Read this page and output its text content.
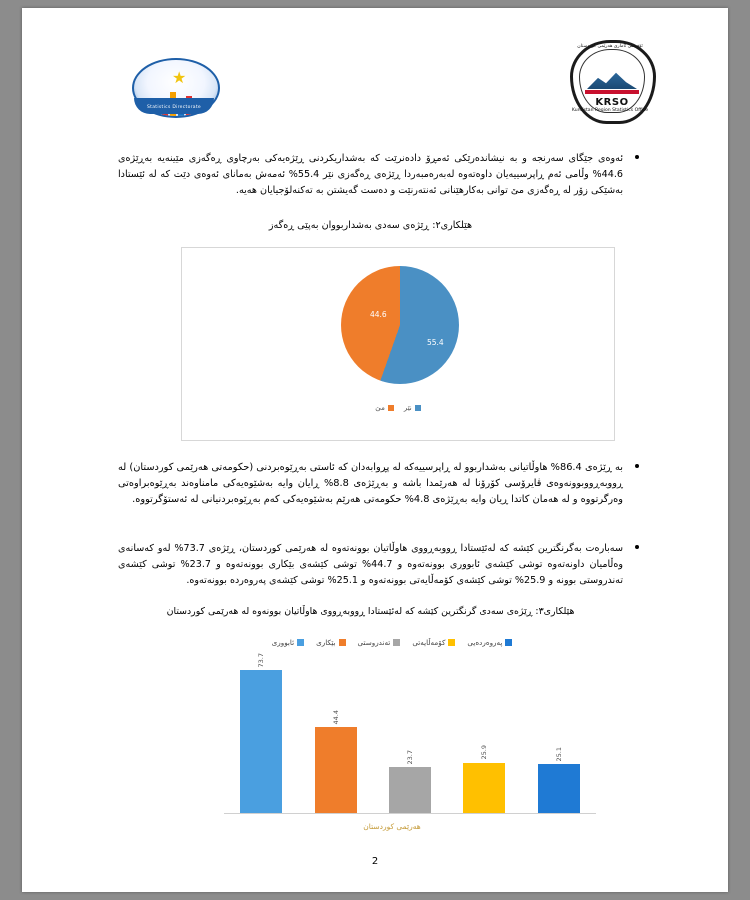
★
Statistics Directorate	KRSO
ئۆفیسی ئاماری هەرێمی کوردستان
Kurdistan Region Statistics Office
ئەوەی جێگای سەرنجە و بە نیشاندەرێکی ئەمڕۆ دادەنرێت کە بەشداریکردنی ڕێژەیەکی بەرچاوی ڕەگەزی مێینەیە بەڕێژەی 44.6% وڵامی ئەم ڕاپرسییەیان داوەتەوە لەبەرەمبەردا ڕێژەی ڕەگەزی نێر 55.4% ئەمەش بەمانای ئەوەی دێت کە لە ئێستادا بەشێکی زۆر لە ڕەگەزی مێ توانی بەکارهێنانی ئەنتەرنێت و دەست گەیشتن بە تەکنەلۆجیایان هەیە.
هێلکاری٢: ڕێژەی سەدی بەشداربووان بەپێی ڕەگەز
44.6
55.4
نێر
مێ
بە ڕێژەی 86.4% هاوڵاتیانی بەشداربوو لە ڕاپرسییەکە لە پڕوابەدان کە ئاستی بەڕێوەبردنی (حکومەتی هەرێمی کوردستان) لە ڕووبەڕووبوونەوەی ڤایرۆسی کۆرۆنا لە هەرێمدا باشە و بەڕێژەی 8.8% ڕایان وایە بەشێوەیەکی مامناوەند بەڕێوەبراوەتی وەرگرتووە و لە هەمان کاتدا ڕیان وایە بەڕێژەی 4.8% حکومەتی هەرێم بەشێوەیەکی کەم بەڕێوەبردنیانی لە ئەستۆگرتووە.
سەبارەت بەگرنگترین کێشە کە لەئێستادا ڕووبەڕووی هاوڵاتیان بوونەتەوە لە هەرێمی کوردستان، ڕێژەی 73.7% لەو کەسانەی وەڵامیان داونەتەوە توشی کێشەی ئابووری بوونەتەوە و 44.7% توشی کێشەی بێکاری بوونەتەوە و 23.7% توشی کێشەی تەندروستی بوونە و 25.9% توشی کێشەی کۆمەڵایەتی بوونەتەوە و 25.1% توشی کێشەی پەروەردە بوونەتەوە.
هێلکاری٣: ڕێژەی سەدی گرنگترین کێشە کە لەئێستادا ڕووبەڕووی هاوڵاتیان بوونەوە لە هەرێمی کوردستان
پەروەردەیی
کۆمەڵایەتی
تەندروستی
بێکاری
ئابووری
73.7
44.4
23.7	25.9	25.1
هەرێمی کوردستان
2
